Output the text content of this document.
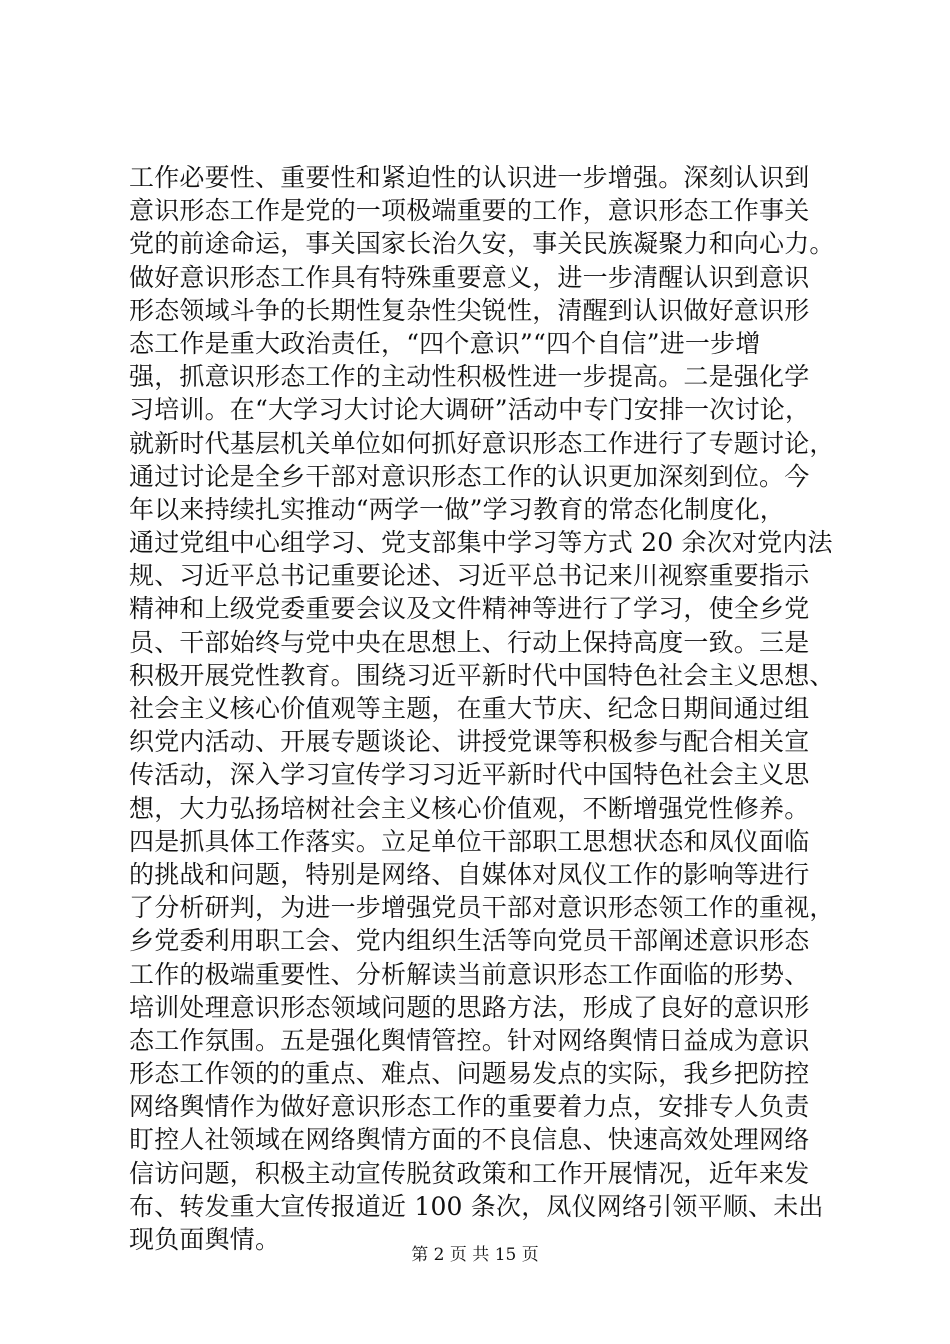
工作必要性、重要性和紧迫性的认识进一步增强。深刻认识到
意识形态工作是党的一项极端重要的工作，意识形态工作事关
党的前途命运，事关国家长治久安，事关民族凝聚力和向心力。
做好意识形态工作具有特殊重要意义，进一步清醒认识到意识
形态领域斗争的长期性复杂性尖锐性，清醒到认识做好意识形
态工作是重大政治责任，“四个意识”“四个自信”进一步增
强，抓意识形态工作的主动性积极性进一步提高。二是强化学
习培训。在“大学习大讨论大调研”活动中专门安排一次讨论，
就新时代基层机关单位如何抓好意识形态工作进行了专题讨论，
通过讨论是全乡干部对意识形态工作的认识更加深刻到位。今
年以来持续扎实推动“两学一做”学习教育的常态化制度化，
通过党组中心组学习、党支部集中学习等方式 20 余次对党内法
规、习近平总书记重要论述、习近平总书记来川视察重要指示
精神和上级党委重要会议及文件精神等进行了学习，使全乡党
员、干部始终与党中央在思想上、行动上保持高度一致。三是
积极开展党性教育。围绕习近平新时代中国特色社会主义思想、
社会主义核心价值观等主题，在重大节庆、纪念日期间通过组
织党内活动、开展专题谈论、讲授党课等积极参与配合相关宣
传活动，深入学习宣传学习习近平新时代中国特色社会主义思
想，大力弘扬培树社会主义核心价值观，不断增强党性修养。
四是抓具体工作落实。立足单位干部职工思想状态和凤仪面临
的挑战和问题，特别是网络、自媒体对凤仪工作的影响等进行
了分析研判，为进一步增强党员干部对意识形态领工作的重视，
乡党委利用职工会、党内组织生活等向党员干部阐述意识形态
工作的极端重要性、分析解读当前意识形态工作面临的形势、
培训处理意识形态领域问题的思路方法，形成了良好的意识形
态工作氛围。五是强化舆情管控。针对网络舆情日益成为意识
形态工作领的的重点、难点、问题易发点的实际，我乡把防控
网络舆情作为做好意识形态工作的重要着力点，安排专人负责
盯控人社领域在网络舆情方面的不良信息、快速高效处理网络
信访问题，积极主动宣传脱贫政策和工作开展情况，近年来发
布、转发重大宣传报道近 100 条次，凤仪网络引领平顺、未出
现负面舆情。
第 2 页 共 15 页
